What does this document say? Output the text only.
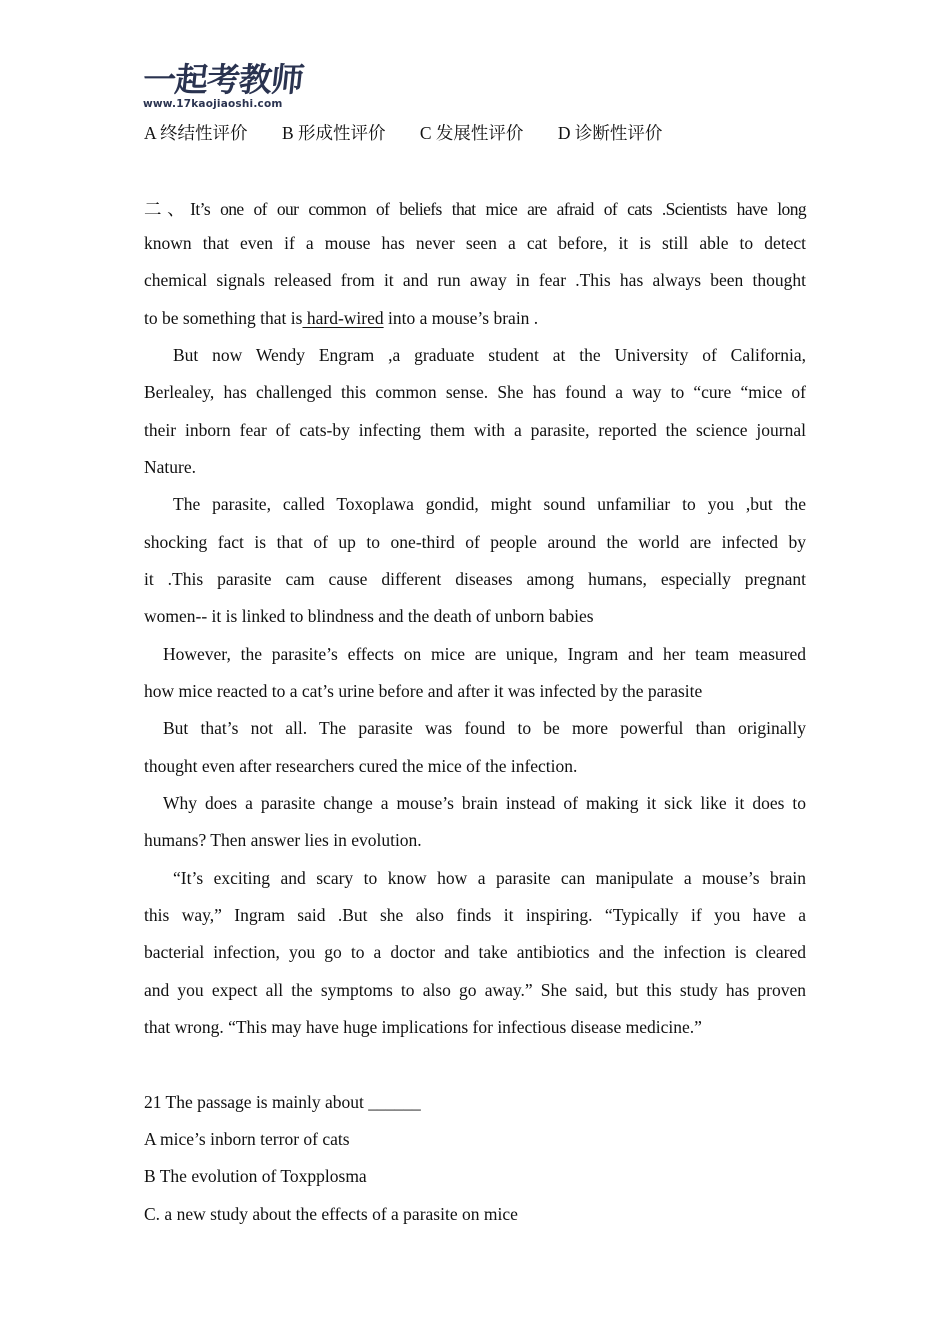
一起考教师
www.17kaojiaoshi.com
A 终结性评价 B 形成性评价 C 发展性评价 D 诊断性评价
二、It’s one of our common of beliefs that mice are afraid of cats .Scientists have long
known that even if a mouse has never seen a cat before, it is still able to detect
chemical signals released from it and run away in fear .This has always been thought
to be something that is hard-wired into a mouse’s brain .
But now Wendy Engram ,a graduate student at the University of California,
Berlealey, has challenged this common sense. She has found a way to “cure “mice of
their inborn fear of cats-by infecting them with a parasite, reported the science journal
Nature.
The parasite, called Toxoplawa gondid, might sound unfamiliar to you ,but the
shocking fact is that of up to one-third of people around the world are infected by
it .This parasite cam cause different diseases among humans, especially pregnant
women-- it is linked to blindness and the death of unborn babies
However, the parasite’s effects on mice are unique, Ingram and her team measured
how mice reacted to a cat’s urine before and after it was infected by the parasite
But that’s not all. The parasite was found to be more powerful than originally
thought even after researchers cured the mice of the infection.
Why does a parasite change a mouse’s brain instead of making it sick like it does to
humans? Then answer lies in evolution.
“It’s exciting and scary to know how a parasite can manipulate a mouse’s brain
this way,” Ingram said .But she also finds it inspiring. “Typically if you have a
bacterial infection, you go to a doctor and take antibiotics and the infection is cleared
and you expect all the symptoms to also go away.” She said, but this study has proven
that wrong. “This may have huge implications for infectious disease medicine.”
21 The passage is mainly about ______
A mice’s inborn terror of cats
B The evolution of Toxpplosma
C. a new study about the effects of a parasite on mice
